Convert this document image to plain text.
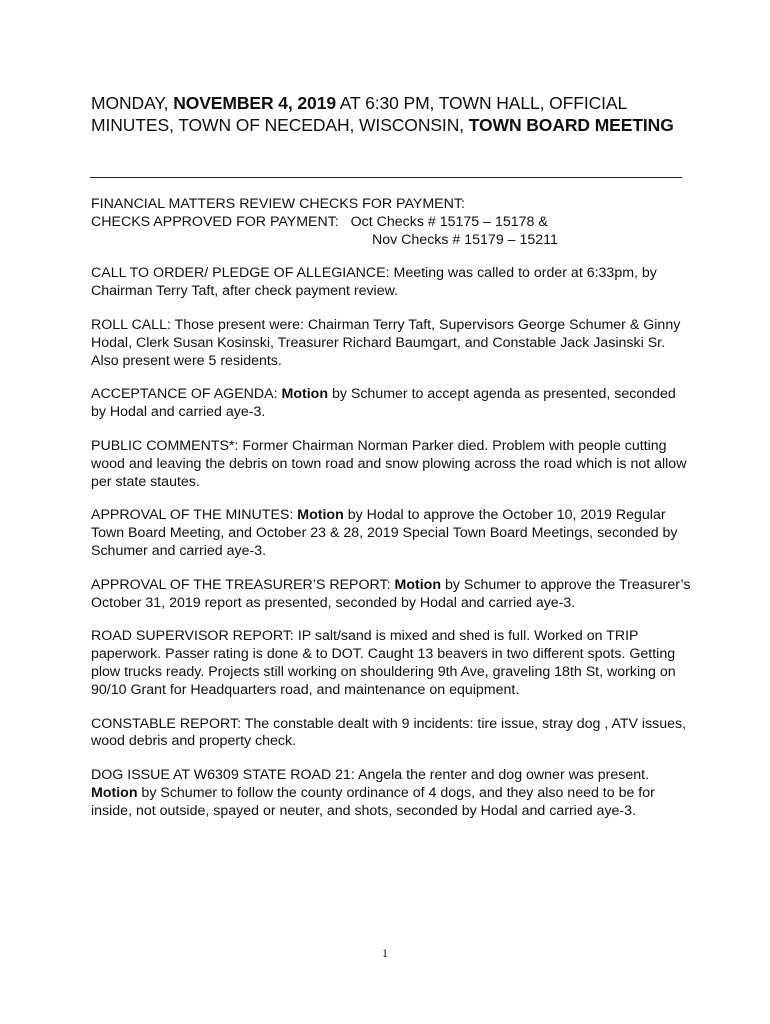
MONDAY, NOVEMBER 4, 2019 AT 6:30 PM, TOWN HALL, OFFICIAL MINUTES, TOWN OF NECEDAH, WISCONSIN, TOWN BOARD MEETING
FINANCIAL MATTERS REVIEW CHECKS FOR PAYMENT:
CHECKS APPROVED FOR PAYMENT: Oct Checks # 15175 – 15178 &
Nov Checks # 15179 – 15211

CALL TO ORDER/ PLEDGE OF ALLEGIANCE: Meeting was called to order at 6:33pm, by Chairman Terry Taft, after check payment review.

ROLL CALL: Those present were: Chairman Terry Taft, Supervisors George Schumer & Ginny Hodal, Clerk Susan Kosinski, Treasurer Richard Baumgart, and Constable Jack Jasinski Sr. Also present were 5 residents.

ACCEPTANCE OF AGENDA: Motion by Schumer to accept agenda as presented, seconded by Hodal and carried aye-3.

PUBLIC COMMENTS*: Former Chairman Norman Parker died. Problem with people cutting wood and leaving the debris on town road and snow plowing across the road which is not allow per state stautes.

APPROVAL OF THE MINUTES: Motion by Hodal to approve the October 10, 2019 Regular Town Board Meeting, and October 23 & 28, 2019 Special Town Board Meetings, seconded by Schumer and carried aye-3.

APPROVAL OF THE TREASURER’S REPORT: Motion by Schumer to approve the Treasurer’s October 31, 2019 report as presented, seconded by Hodal and carried aye-3.

ROAD SUPERVISOR REPORT: IP salt/sand is mixed and shed is full. Worked on TRIP paperwork. Passer rating is done & to DOT. Caught 13 beavers in two different spots. Getting plow trucks ready. Projects still working on shouldering 9th Ave, graveling 18th St, working on 90/10 Grant for Headquarters road, and maintenance on equipment.

CONSTABLE REPORT: The constable dealt with 9 incidents: tire issue, stray dog , ATV issues, wood debris and property check.

DOG ISSUE AT W6309 STATE ROAD 21: Angela the renter and dog owner was present. Motion by Schumer to follow the county ordinance of 4 dogs, and they also need to be for inside, not outside, spayed or neuter, and shots, seconded by Hodal and carried aye-3.

1
